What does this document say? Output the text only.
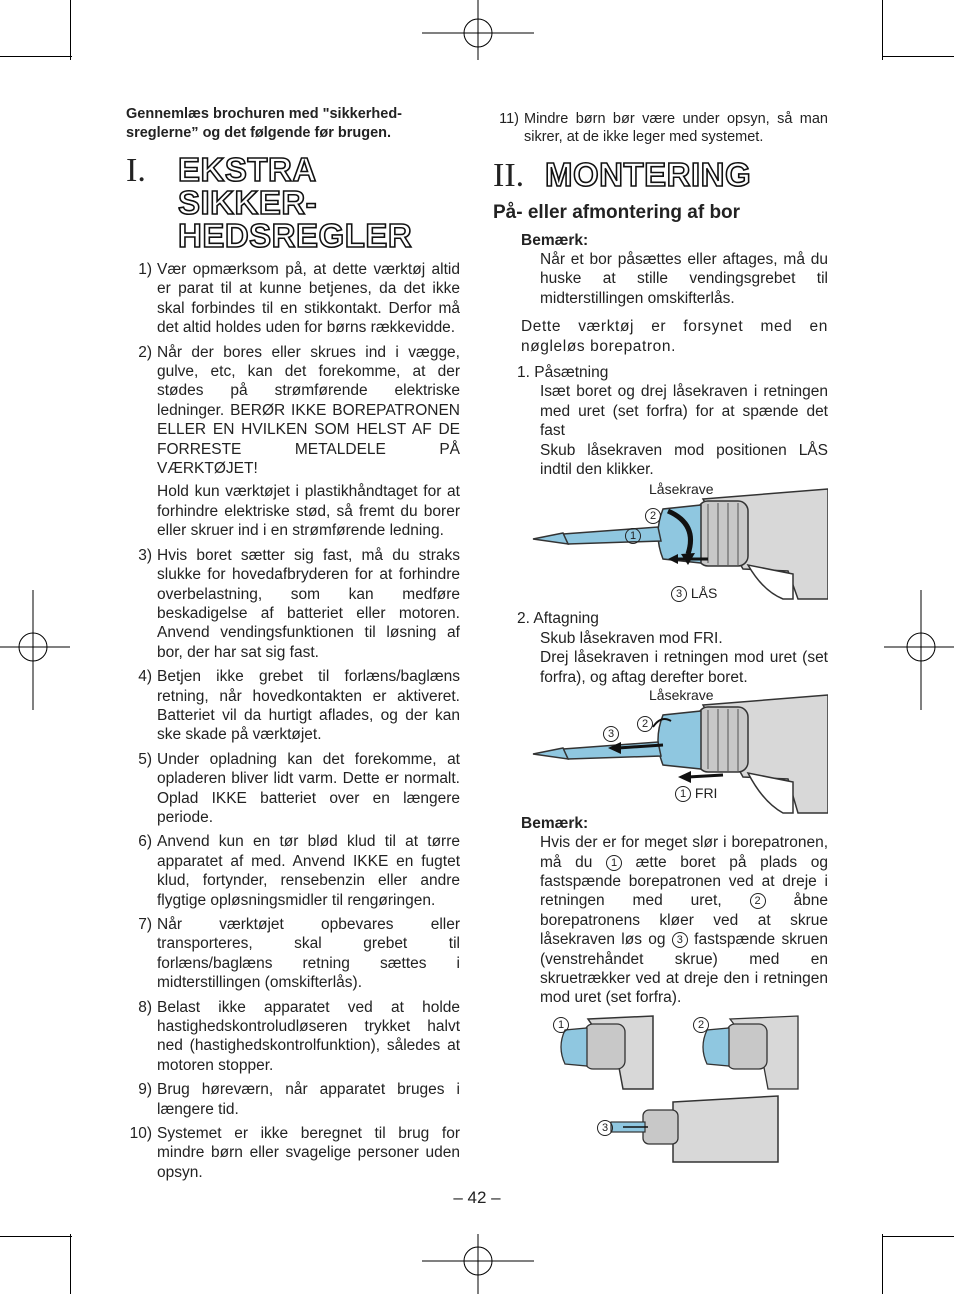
Gennemlæs brochuren med "sikkerhed- sreglerne” og det følgende før brugen.

I. EKSTRA SIKKER- HEDSREGLER
1) Vær opmærksom på, at dette værktøj altid er parat til at kunne betjenes, da det ikke skal forbindes til en stikkontakt. Derfor må det altid holdes uden for børns rækkevidde.
2) Når der bores eller skrues ind i vægge, gulve, etc, kan det forekomme, at der stødes på strømførende elektriske ledninger. BERØR IKKE BOREPATRONEN ELLER EN HVILKEN SOM HELST AF DE FORRESTE METALDELE PÅ VÆRKTØJET!
Hold kun værktøjet i plastikhåndtaget for at forhindre elektriske stød, så fremt du borer eller skruer ind i en strømførende ledning.
3) Hvis boret sætter sig fast, må du straks slukke for hovedafbryderen for at forhindre overbelastning, som kan medføre beskadigelse af batteriet eller motoren. Anvend vendingsfunktionen til løsning af bor, der har sat sig fast.
4) Betjen ikke grebet til forlæns/baglæns retning, når hovedkontakten er aktiveret. Batteriet vil da hurtigt aflades, og der kan ske skade på værktøjet.
5) Under opladning kan det forekomme, at opladeren bliver lidt varm. Dette er normalt. Oplad IKKE batteriet over en længere periode.
6) Anvend kun en tør blød klud til at tørre apparatet af med. Anvend IKKE en fugtet klud, fortynder, rensebenzin eller andre flygtige opløsningsmidler til rengøringen.
7) Når værktøjet opbevares eller transporteres, skal grebet til forlæns/baglæns retning sættes i midterstillingen (omskifterlås).
8) Belast ikke apparatet ved at holde hastighedskontroludløseren trykket halvt ned (hastighedskontrolfunktion), således at motoren stopper.
9) Brug høreværn, når apparatet bruges i længere tid.
10) Systemet er ikke beregnet til brug for mindre børn eller svagelige personer uden opsyn.
11) Mindre børn bør være under opsyn, så man sikrer, at de ikke leger med systemet.
II. MONTERING
På- eller afmontering af bor
Bemærk:
Når et bor påsættes eller aftages, må du huske at stille vendingsgrebet til midterstillingen omskifterlås.
Dette værktøj er forsynet med en nøgleløs borepatron.
1. Påsætning
Isæt boret og drej låsekraven i retningen med uret (set forfra) for at spænde det fast
Skub låsekraven mod positionen LÅS indtil den klikker.
Låsekrave
2
1
3 LÅS
2. Aftagning
Skub låsekraven mod FRI.
Drej låsekraven i retningen mod uret (set forfra), og aftag derefter boret.
Låsekrave
2
3
1 FRI
Bemærk:
Hvis der er for meget slør i borepatronen, må du 1 ætte boret på plads og fastspænde borepatronen ved at dreje i retningen med uret,	2 åbne borepatronens kløer ved at skrue låsekraven løs og 3 fastspænde skruen (venstrehåndet skrue) med en skruetrækker ved at dreje den i retningen mod uret (set forfra).
1	2
3
– 42 –
